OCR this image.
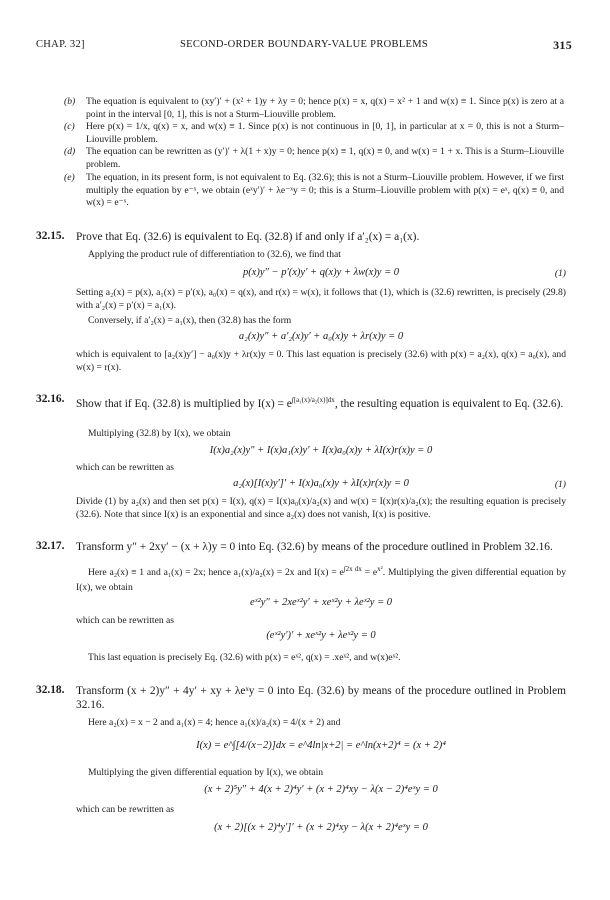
CHAP. 32]	SECOND-ORDER BOUNDARY-VALUE PROBLEMS	315
(b) The equation is equivalent to (xy′)′ + (x² + 1)y + λy = 0; hence p(x) = x, q(x) = x² + 1 and w(x) ≡ 1. Since p(x) is zero at a point in the interval [0, 1], this is not a Sturm–Liouville problem.
(c) Here p(x) = 1/x, q(x) = x, and w(x) ≡ 1. Since p(x) is not continuous in [0, 1], in particular at x = 0, this is not a Sturm–Liouville problem.
(d) The equation can be rewritten as (y′)′ + λ(1 + x)y = 0; hence p(x) ≡ 1, q(x) ≡ 0, and w(x) = 1 + x. This is a Sturm–Liouville problem.
(e) The equation, in its present form, is not equivalent to Eq. (32.6); this is not a Sturm–Liouville problem. However, if we first multiply the equation by e⁻ˣ, we obtain (eˣy′)′ + λe⁻ˣy = 0; this is a Sturm–Liouville problem with p(x) = eˣ, q(x) ≡ 0, and w(x) = e⁻ˣ.
32.15. Prove that Eq. (32.6) is equivalent to Eq. (32.8) if and only if a′₂(x) = a₁(x).
Applying the product rule of differentiation to (32.6), we find that
p(x)y″ − p′(x)y′ + q(x)y + λw(x)y = 0	(1)
Setting a₂(x) = p(x), a₁(x) = p′(x), a₀(x) = q(x), and r(x) = w(x), it follows that (1), which is (32.6) rewritten, is precisely (29.8) with a′₂(x) = p′(x) = a₁(x).
Conversely, if a′₂(x) = a₁(x), then (32.8) has the form
a₂(x)y″ + a′₂(x)y′ + a₀(x)y + λr(x)y = 0
which is equivalent to [a₂(x)y′] − a₀(x)y + λr(x)y = 0. This last equation is precisely (32.6) with p(x) = a₂(x), q(x) = a₀(x), and w(x) = r(x).
32.16. Show that if Eq. (32.8) is multiplied by $I(x) = e^{\int[a_1(x)/a_2(x)]dx}$, the resulting equation is equivalent to Eq. (32.6).
Multiplying (32.8) by I(x), we obtain
I(x)a₂(x)y″ + I(x)a₁(x)y′ + I(x)a₀(x)y + λI(x)r(x)y = 0
which can be rewritten as
a₂(x)[I(x)y′]′ + I(x)a₀(x)y + λI(x)r(x)y = 0	(1)
Divide (1) by a₂(x) and then set p(x) = I(x), q(x) = I(x)a₀(x)/a₂(x) and w(x) = I(x)r(x)/a₂(x); the resulting equation is precisely (32.6). Note that since I(x) is an exponential and since a₂(x) does not vanish, I(x) is positive.
32.17. Transform y″ + 2xy′ − (x + λ)y = 0 into Eq. (32.6) by means of the procedure outlined in Problem 32.16.
Here a₂(x) ≡ 1 and a₁(x) = 2x; hence a₁(x)/a₂(x) = 2x and $I(x) = e^{\int 2x dx} = e^{x^2}$. Multiplying the given differential equation by I(x), we obtain
eˣ²y″ + 2xeˣ²y′ + xeˣ²y + λeˣ²y = 0
which can be rewritten as
(eˣ²y′)′ + xeˣ²y + λeˣ²y = 0
This last equation is precisely Eq. (32.6) with p(x) = eˣ², q(x) = .xeˣ², and w(x)eˣ².
32.18. Transform (x + 2)y″ + 4y′ + xy + λeˣy = 0 into Eq. (32.6) by means of the procedure outlined in Problem 32.16.
Here a₂(x) = x − 2 and a₁(x) = 4; hence a₁(x)/a₂(x) = 4/(x + 2) and
I(x) = e^∫[4/(x−2)]dx = e^4ln|x+2| = e^ln(x+2)⁴ = (x + 2)⁴
Multiplying the given differential equation by I(x), we obtain
(x + 2)⁵y″ + 4(x + 2)⁴y′ + (x + 2)⁴xy − λ(x − 2)⁴eˣy = 0
which can be rewritten as
(x + 2)[(x + 2)⁴y′]′ + (x + 2)⁴xy − λ(x + 2)⁴eˣy = 0
